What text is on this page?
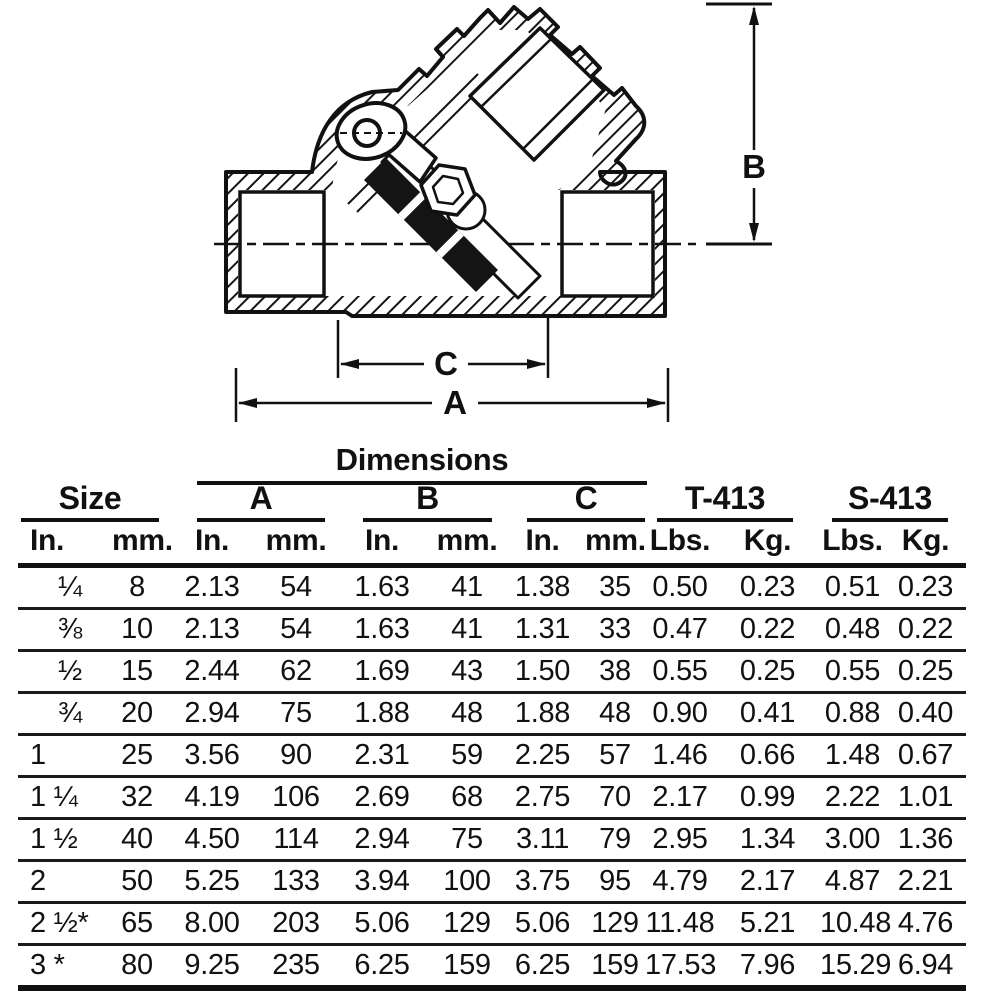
B
C
A
Dimensions
Size		A		B		C		T-413		S-413	

In.	mm.	In.	mm.	In.	mm.	In.	mm.	Lbs.	Kg.	Lbs.	Kg.
¼	8	2.13	54	1.63	41	1.38	35	0.50	0.23	0.51	0.23
⅜	10	2.13	54	1.63	41	1.31	33	0.47	0.22	0.48	0.22
½	15	2.44	62	1.69	43	1.50	38	0.55	0.25	0.55	0.25
¾	20	2.94	75	1.88	48	1.88	48	0.90	0.41	0.88	0.40
1	25	3.56	90	2.31	59	2.25	57	1.46	0.66	1.48	0.67
1 ¼	32	4.19	106	2.69	68	2.75	70	2.17	0.99	2.22	1.01
1 ½	40	4.50	114	2.94	75	3.11	79	2.95	1.34	3.00	1.36
2	50	5.25	133	3.94	100	3.75	95	4.79	2.17	4.87	2.21
2 ½*	65	8.00	203	5.06	129	5.06	129	11.48	5.21	10.48	4.76
3 *	80	9.25	235	6.25	159	6.25	159	17.53	7.96	15.29	6.94
